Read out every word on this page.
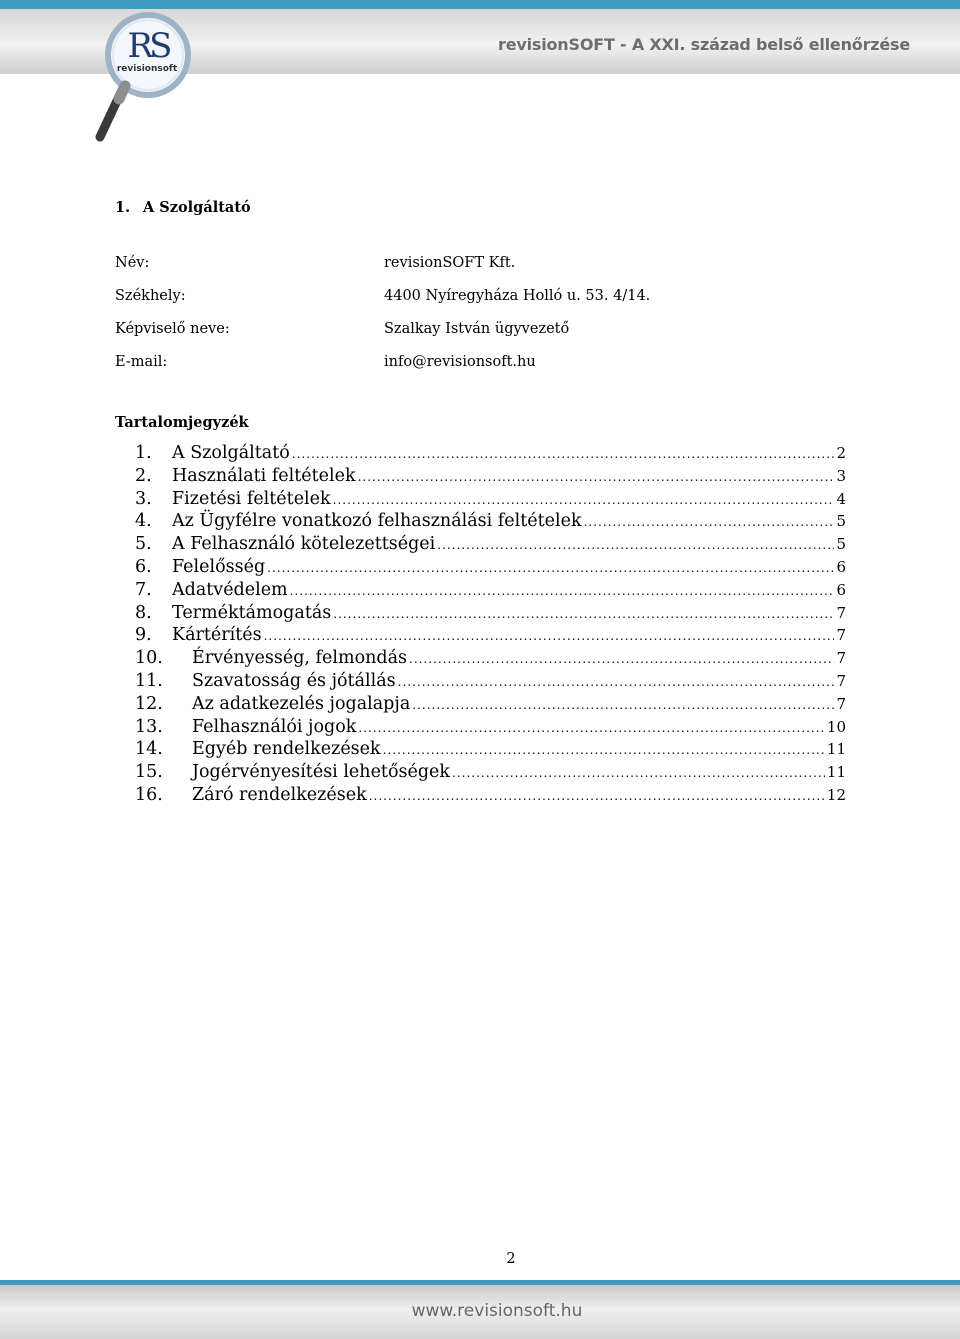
revisionSOFT - A XXI. század belső ellenőrzése
RS
revisionsoft
1. A Szolgáltató
Név:	revisionSOFT Kft.
Székhely:	4400 Nyíregyháza Holló u. 53. 4/14.
Képviselő neve:	Szalkay István ügyvezető
E-mail:	info@revisionsoft.hu
Tartalomjegyzék
1.	A Szolgáltató .....	2
2.	Használati feltételek .....	3
3.	Fizetési feltételek .....	4
4.	Az Ügyfélre vonatkozó felhasználási feltételek .....	5
5.	A Felhasználó kötelezettségei .....	5
6.	Felelősség .....	6
7.	Adatvédelem .....	6
8.	Terméktámogatás .....	7
9.	Kártérítés .....	7
10.	Érvényesség, felmondás .....	7
11.	Szavatosság és jótállás .....	7
12.	Az adatkezelés jogalapja .....	7
13.	Felhasználói jogok .....	10
14.	Egyéb rendelkezések .....	11
15.	Jogérvényesítési lehetőségek .....	11
16.	Záró rendelkezések .....	12
2
www.revisionsoft.hu
